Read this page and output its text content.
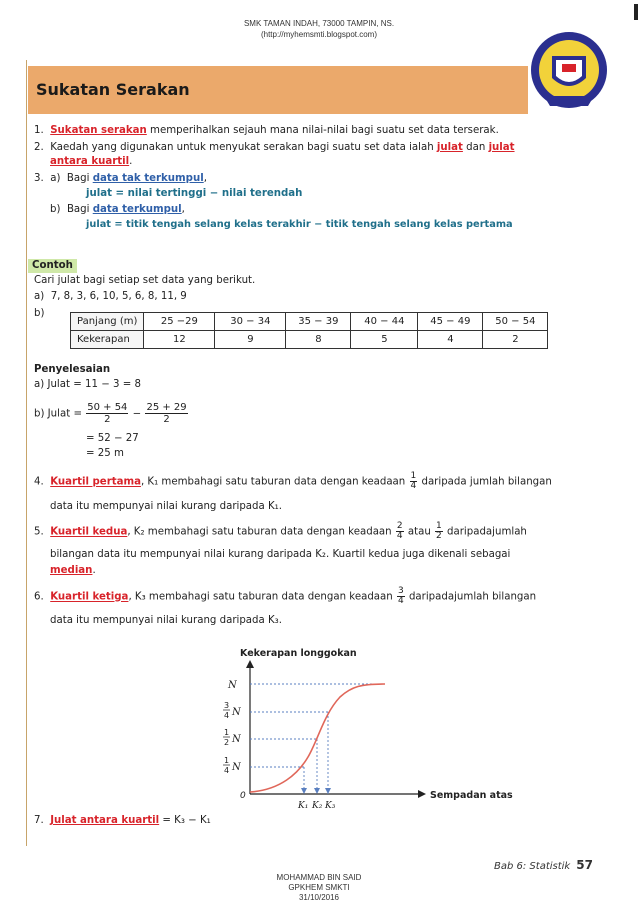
SMK TAMAN INDAH, 73000 TAMPIN, NS.
(http://myhemsmti.blogspot.com)
Sukatan Serakan
1. Sukatan serakan memperihalkan sejauh mana nilai-nilai bagi suatu set data terserak.
2. Kaedah yang digunakan untuk menyukat serakan bagi suatu set data ialah julat dan julat
antara kuartil.
3. a) Bagi data tak terkumpul,
julat = nilai tertinggi − nilai terendah
b) Bagi data terkumpul,
julat = titik tengah selang kelas terakhir − titik tengah selang kelas pertama
Contoh
Cari julat bagi setiap set data yang berikut.
a) 7, 8, 3, 6, 10, 5, 6, 8, 11, 9
b)
Panjang (m)	25 −29	30 − 34	35 − 39	40 − 44	45 − 49	50 − 54
Kekerapan	12	9	8	5	4	2
Penyelesaian
a) Julat = 11 − 3 = 8
b) Julat = $\frac{50 + 54}{2} - \frac{25 + 29}{2}$
= 52 − 27
= 25 m
4. Kuartil pertama, K₁ membahagi satu taburan data dengan keadaan $\frac{1}{4}$ daripada jumlah bilangan
data itu mempunyai nilai kurang daripada K₁.
5. Kuartil kedua, K₂ membahagi satu taburan data dengan keadaan $\frac{2}{4}$ atau $\frac{1}{2}$ daripadajumlah
bilangan data itu mempunyai nilai kurang daripada K₂. Kuartil kedua juga dikenali sebagai
median.
6. Kuartil ketiga, K₃ membahagi satu taburan data dengan keadaan $\frac{3}{4}$ daripadajumlah bilangan
data itu mempunyai nilai kurang daripada K₃.
7. Julat antara kuartil = K₃ − K₁
Kekerapan longgokan
Sempadan atas
0
N
3
4 N
1
2 N
1
4 N
K₁ K₂ K₃
Bab 6: Statistik 57
MOHAMMAD BIN SAID
GPKHEM SMKTI
31/10/2016
